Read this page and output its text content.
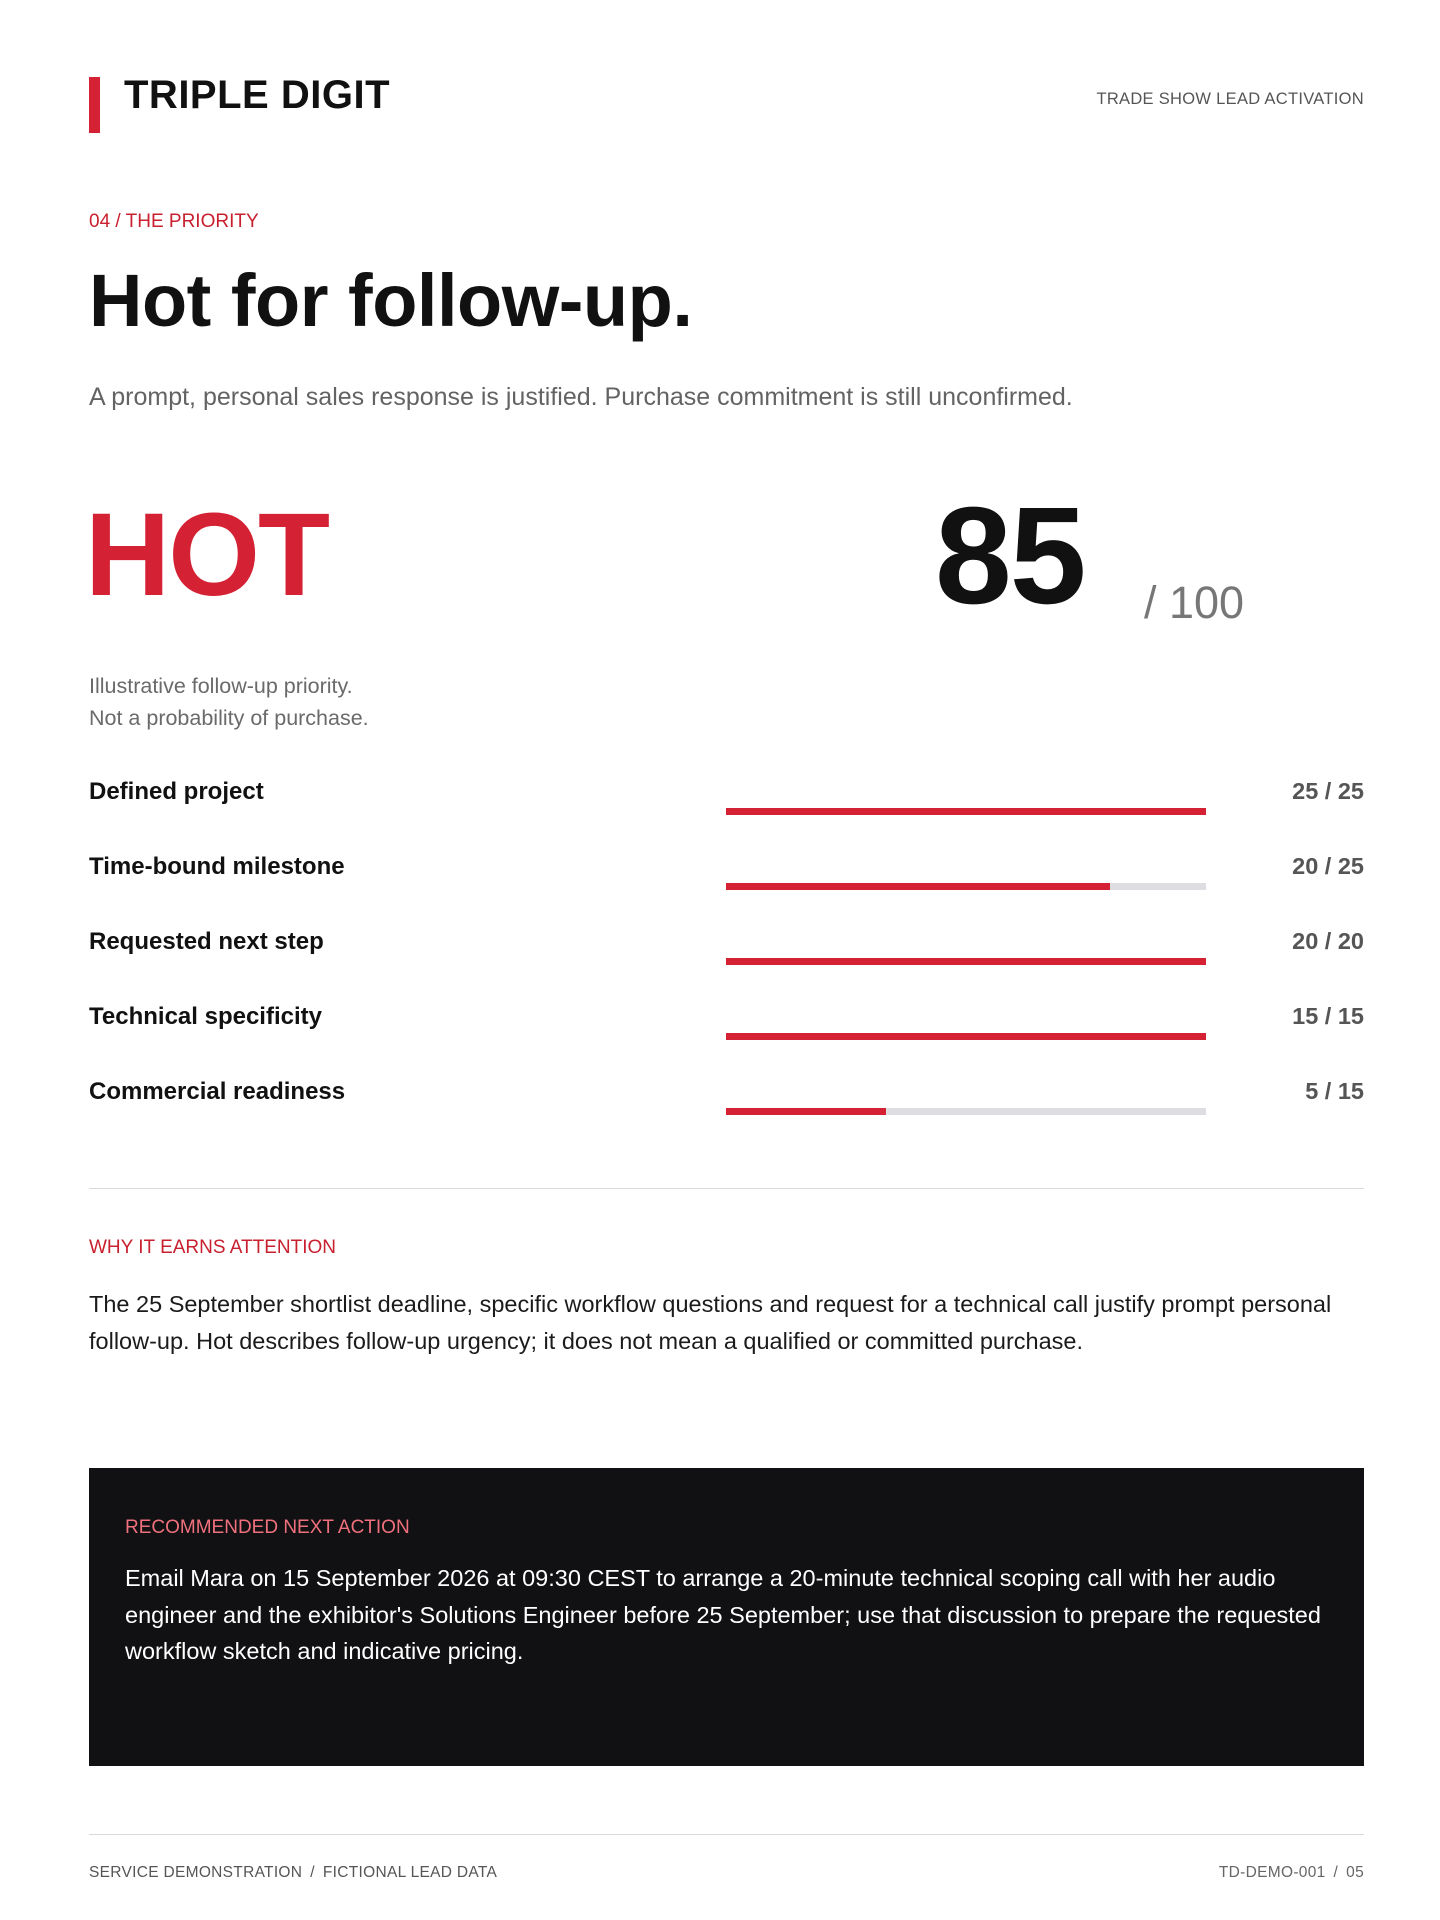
TRIPLE DIGIT	TRADE SHOW LEAD ACTIVATION
04 / THE PRIORITY
Hot for follow-up.
A prompt, personal sales response is justified. Purchase commitment is still unconfirmed.
HOT	85 / 100
Illustrative follow-up priority.
Not a probability of purchase.
Defined project	25 / 25
Time-bound milestone	20 / 25
Requested next step	20 / 20
Technical specificity	15 / 15
Commercial readiness	5 / 15
WHY IT EARNS ATTENTION
The 25 September shortlist deadline, specific workflow questions and request for a technical call justify prompt personal follow-up. Hot describes follow-up urgency; it does not mean a qualified or committed purchase.
RECOMMENDED NEXT ACTION
Email Mara on 15 September 2026 at 09:30 CEST to arrange a 20-minute technical scoping call with her audio engineer and the exhibitor's Solutions Engineer before 25 September; use that discussion to prepare the requested workflow sketch and indicative pricing.
SERVICE DEMONSTRATION / FICTIONAL LEAD DATA	TD-DEMO-001 / 05
